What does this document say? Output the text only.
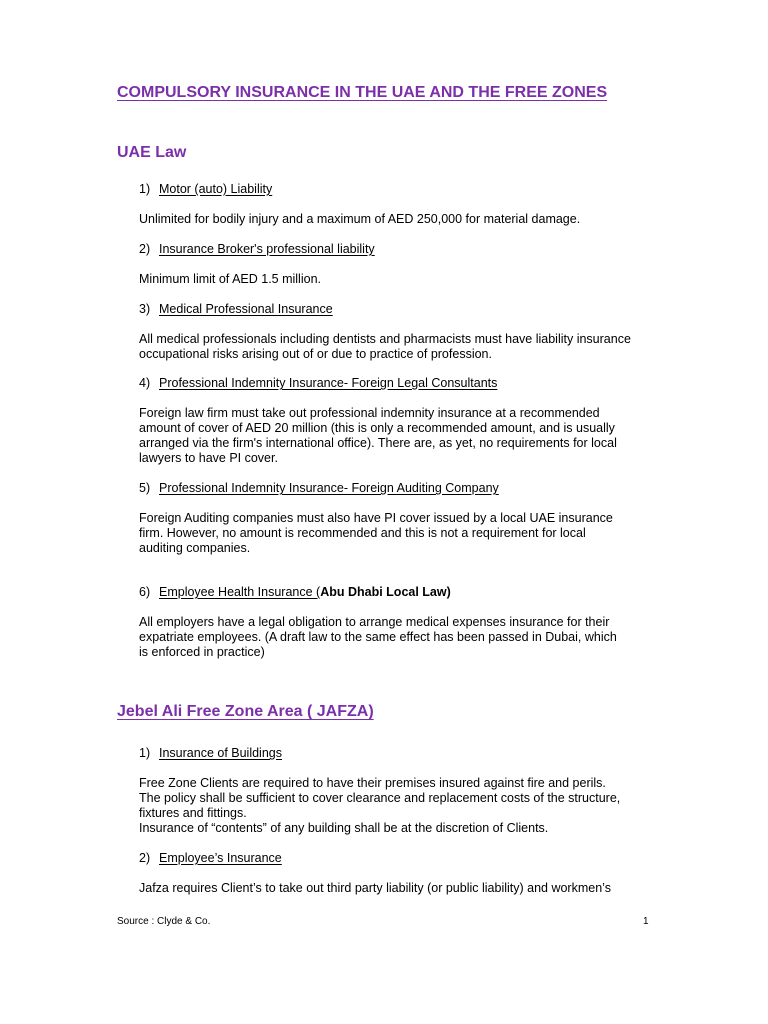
COMPULSORY INSURANCE IN THE UAE AND THE FREE ZONES
UAE Law
1) Motor (auto) Liability
Unlimited for bodily injury and a maximum of AED 250,000 for material damage.
2) Insurance Broker's professional liability
Minimum limit of AED 1.5 million.
3) Medical Professional Insurance
All medical professionals including dentists and pharmacists must have liability insurance
occupational risks arising out of or due to practice of profession.
4) Professional Indemnity Insurance- Foreign Legal Consultants
Foreign law firm must take out professional indemnity insurance at a recommended
amount of cover of AED 20 million (this is only a recommended amount, and is usually
arranged via the firm's international office). There are, as yet, no requirements for local
lawyers to have PI cover.
5) Professional Indemnity Insurance- Foreign Auditing Company
Foreign Auditing companies must also have PI cover issued by a local UAE insurance
firm. However, no amount is recommended and this is not a requirement for local
auditing companies.
6) Employee Health Insurance (Abu Dhabi Local Law)
All employers have a legal obligation to arrange medical expenses insurance for their
expatriate employees. (A draft law to the same effect has been passed in Dubai, which
is enforced in practice)
Jebel Ali Free Zone Area ( JAFZA)
1) Insurance of Buildings
Free Zone Clients are required to have their premises insured against fire and perils.
The policy shall be sufficient to cover clearance and replacement costs of the structure,
fixtures and fittings.
Insurance of “contents” of any building shall be at the discretion of Clients.
2) Employee’s Insurance
Jafza requires Client’s to take out third party liability (or public liability) and workmen’s
Source : Clyde & Co.	1
